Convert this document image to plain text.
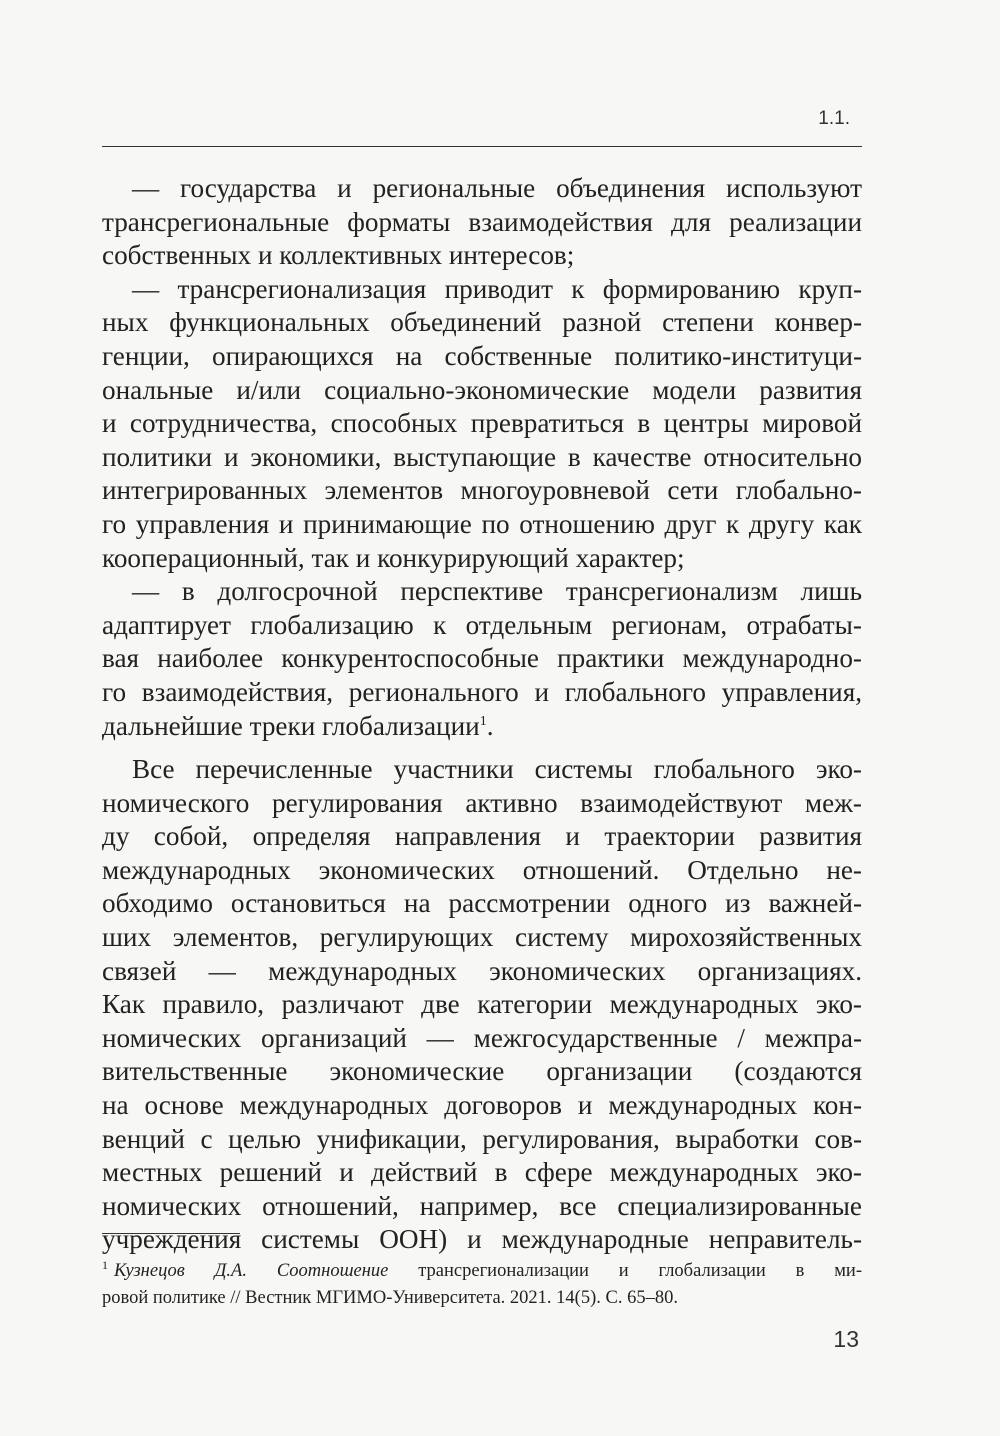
1.1.
— государства и региональные объединения используют
трансрегиональные форматы взаимодействия для реализации
собственных и коллективных интересов;
— трансрегионализация приводит к формированию круп-
ных функциональных объединений разной степени конвер-
генции, опирающихся на собственные политико-институци-
ональные и/или социально-экономические модели развития
и сотрудничества, способных превратиться в центры мировой
политики и экономики, выступающие в качестве относительно
интегрированных элементов многоуровневой сети глобально-
го управления и принимающие по отношению друг к другу как
кооперационный, так и конкурирующий характер;
— в долгосрочной перспективе трансрегионализм лишь
адаптирует глобализацию к отдельным регионам, отрабаты-
вая наиболее конкурентоспособные практики международно-
го взаимодействия, регионального и глобального управления,
дальнейшие треки глобализации$^1$.
Все перечисленные участники системы глобального эко-
номического регулирования активно взаимодействуют меж-
ду собой, определяя направления и траектории развития
международных экономических отношений. Отдельно не-
обходимо остановиться на рассмотрении одного из важней-
ших элементов, регулирующих систему мирохозяйственных
связей — международных экономических организациях.
Как правило, различают две категории международных эко-
номических организаций — межгосударственные / межпра-
вительственные экономические организации (создаются
на основе международных договоров и международных кон-
венций с целью унификации, регулирования, выработки сов-
местных решений и действий в сфере международных эко-
номических отношений, например, все специализированные
учреждения системы ООН) и международные неправитель-
$^1$ Кузнецов Д.А. Соотношение трансрегионализации и глобализации в ми-
ровой политике // Вестник МГИМО-Университета. 2021. 14(5). С. 65–80.
13
